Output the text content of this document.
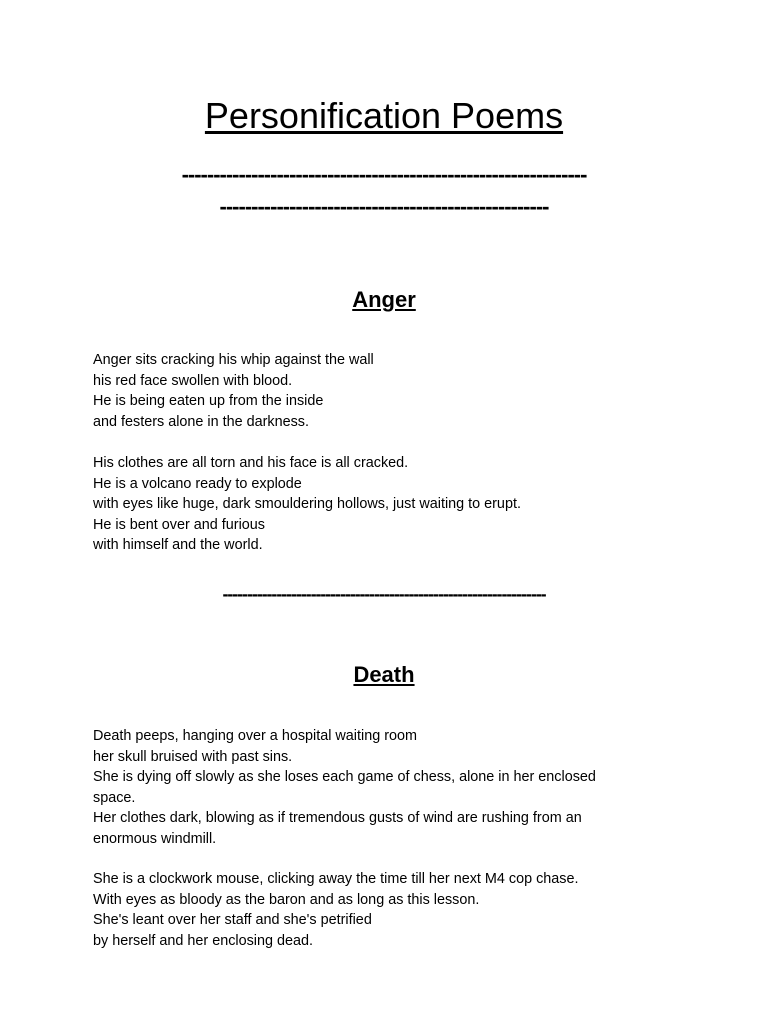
Personification Poems
----------------------------------------------------------------
----------------------------------------------------
Anger
Anger sits cracking his whip against the wall
his red face swollen with blood.
He is being eaten up from the inside
and festers alone in the darkness.
His clothes are all torn and his face is all cracked.
He is a volcano ready to explode
with eyes like huge, dark smouldering hollows, just waiting to erupt.
He is bent over and furious
with himself and the world.
------------------------------------------------------------------
Death
Death peeps, hanging over a hospital waiting room
her skull bruised with past sins.
She is dying off slowly as she loses each game of chess, alone in her enclosed
space.
Her clothes dark, blowing as if tremendous gusts of wind are rushing from an
enormous windmill.
She is a clockwork mouse, clicking away the time till her next M4 cop chase.
With eyes as bloody as the baron and as long as this lesson.
She's leant over her staff and she's petrified
by herself and her enclosing dead.
